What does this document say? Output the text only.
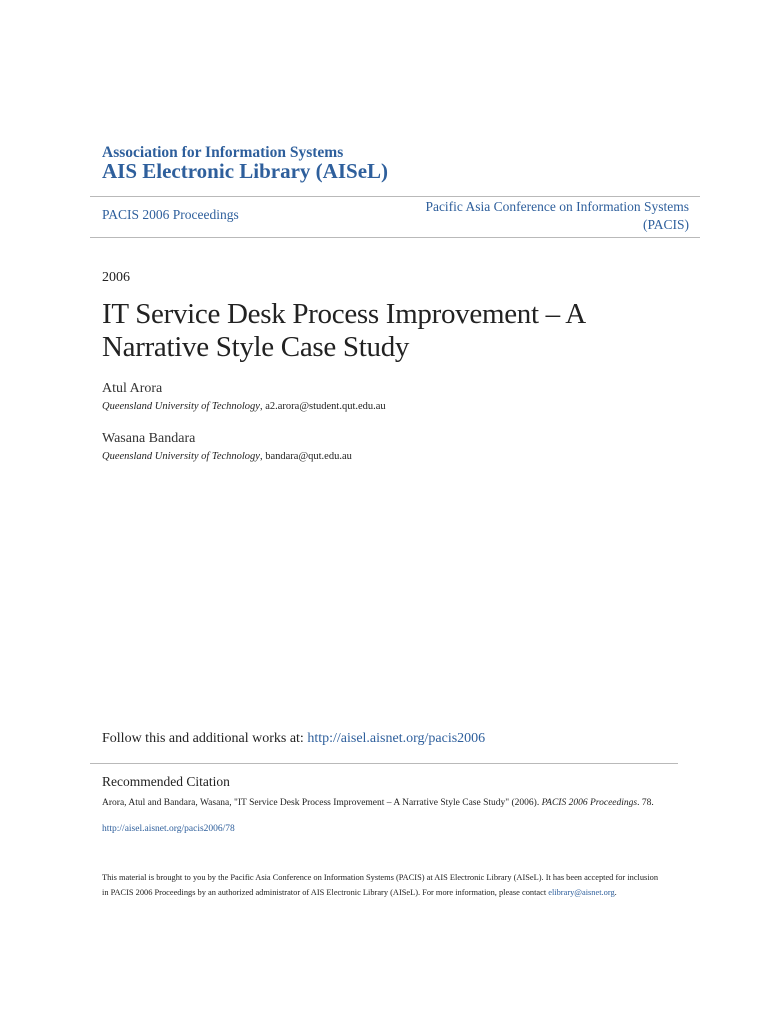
Association for Information Systems
AIS Electronic Library (AISeL)
PACIS 2006 Proceedings
Pacific Asia Conference on Information Systems
(PACIS)
2006
IT Service Desk Process Improvement – A Narrative Style Case Study
Atul Arora
Queensland University of Technology, a2.arora@student.qut.edu.au
Wasana Bandara
Queensland University of Technology, bandara@qut.edu.au
Follow this and additional works at: http://aisel.aisnet.org/pacis2006
Recommended Citation
Arora, Atul and Bandara, Wasana, "IT Service Desk Process Improvement – A Narrative Style Case Study" (2006). PACIS 2006 Proceedings. 78.
http://aisel.aisnet.org/pacis2006/78
This material is brought to you by the Pacific Asia Conference on Information Systems (PACIS) at AIS Electronic Library (AISeL). It has been accepted for inclusion in PACIS 2006 Proceedings by an authorized administrator of AIS Electronic Library (AISeL). For more information, please contact elibrary@aisnet.org.
